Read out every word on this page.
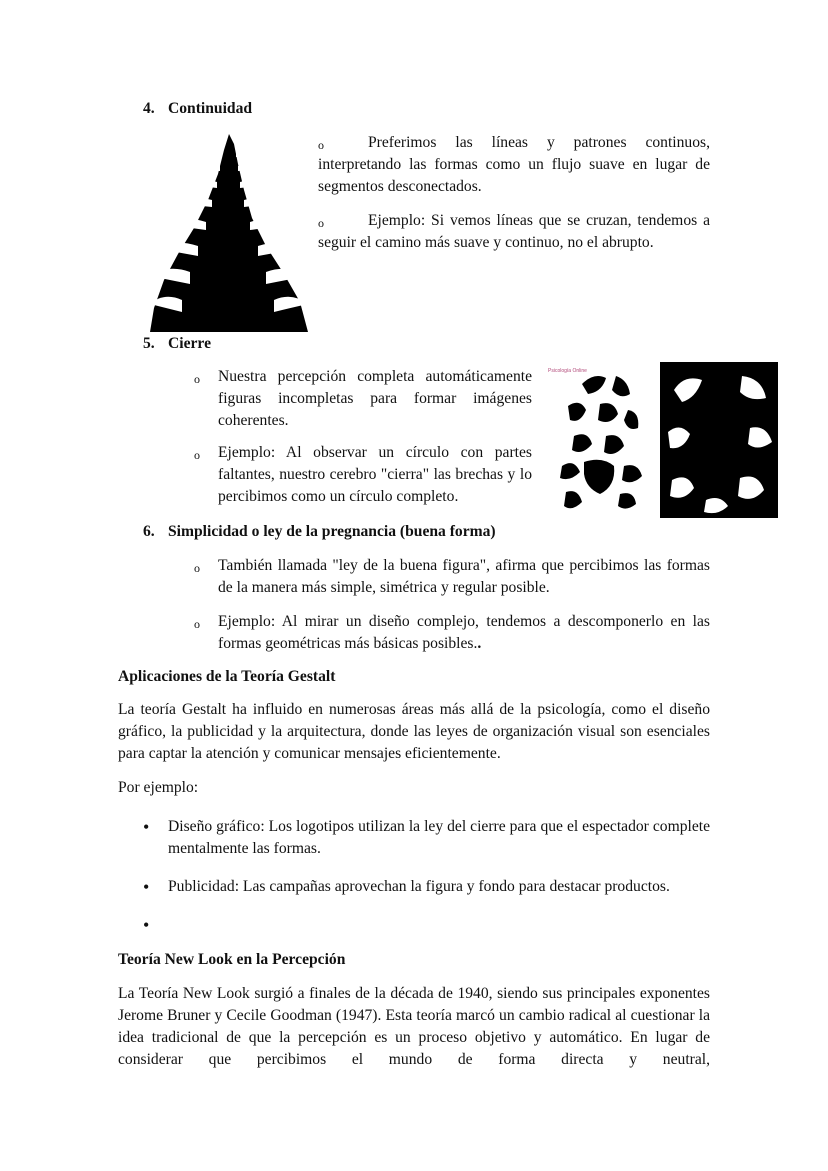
4. Continuidad
o	Preferimos las líneas y patrones continuos, interpretando las formas como un flujo suave en lugar de segmentos desconectados.
o	Ejemplo: Si vemos líneas que se cruzan, tendemos a seguir el camino más suave y continuo, no el abrupto.
5. Cierre
o Nuestra percepción completa automáticamente figuras incompletas para formar imágenes coherentes.
o Ejemplo: Al observar un círculo con partes faltantes, nuestro cerebro "cierra" las brechas y lo percibimos como un círculo completo.
Psicología Online
6. Simplicidad o ley de la pregnancia (buena forma)
o También llamada "ley de la buena figura", afirma que percibimos las formas de la manera más simple, simétrica y regular posible.
o Ejemplo: Al mirar un diseño complejo, tendemos a descomponerlo en las formas geométricas más básicas posibles..
Aplicaciones de la Teoría Gestalt
La teoría Gestalt ha influido en numerosas áreas más allá de la psicología, como el diseño gráfico, la publicidad y la arquitectura, donde las leyes de organización visual son esenciales para captar la atención y comunicar mensajes eficientemente.
Por ejemplo:
• Diseño gráfico: Los logotipos utilizan la ley del cierre para que el espectador complete mentalmente las formas.
• Publicidad: Las campañas aprovechan la figura y fondo para destacar productos.
•
Teoría New Look en la Percepción
La Teoría New Look surgió a finales de la década de 1940, siendo sus principales exponentes Jerome Bruner y Cecile Goodman (1947). Esta teoría marcó un cambio radical al cuestionar la idea tradicional de que la percepción es un proceso objetivo y automático. En lugar de considerar que percibimos el mundo de forma directa y neutral,
